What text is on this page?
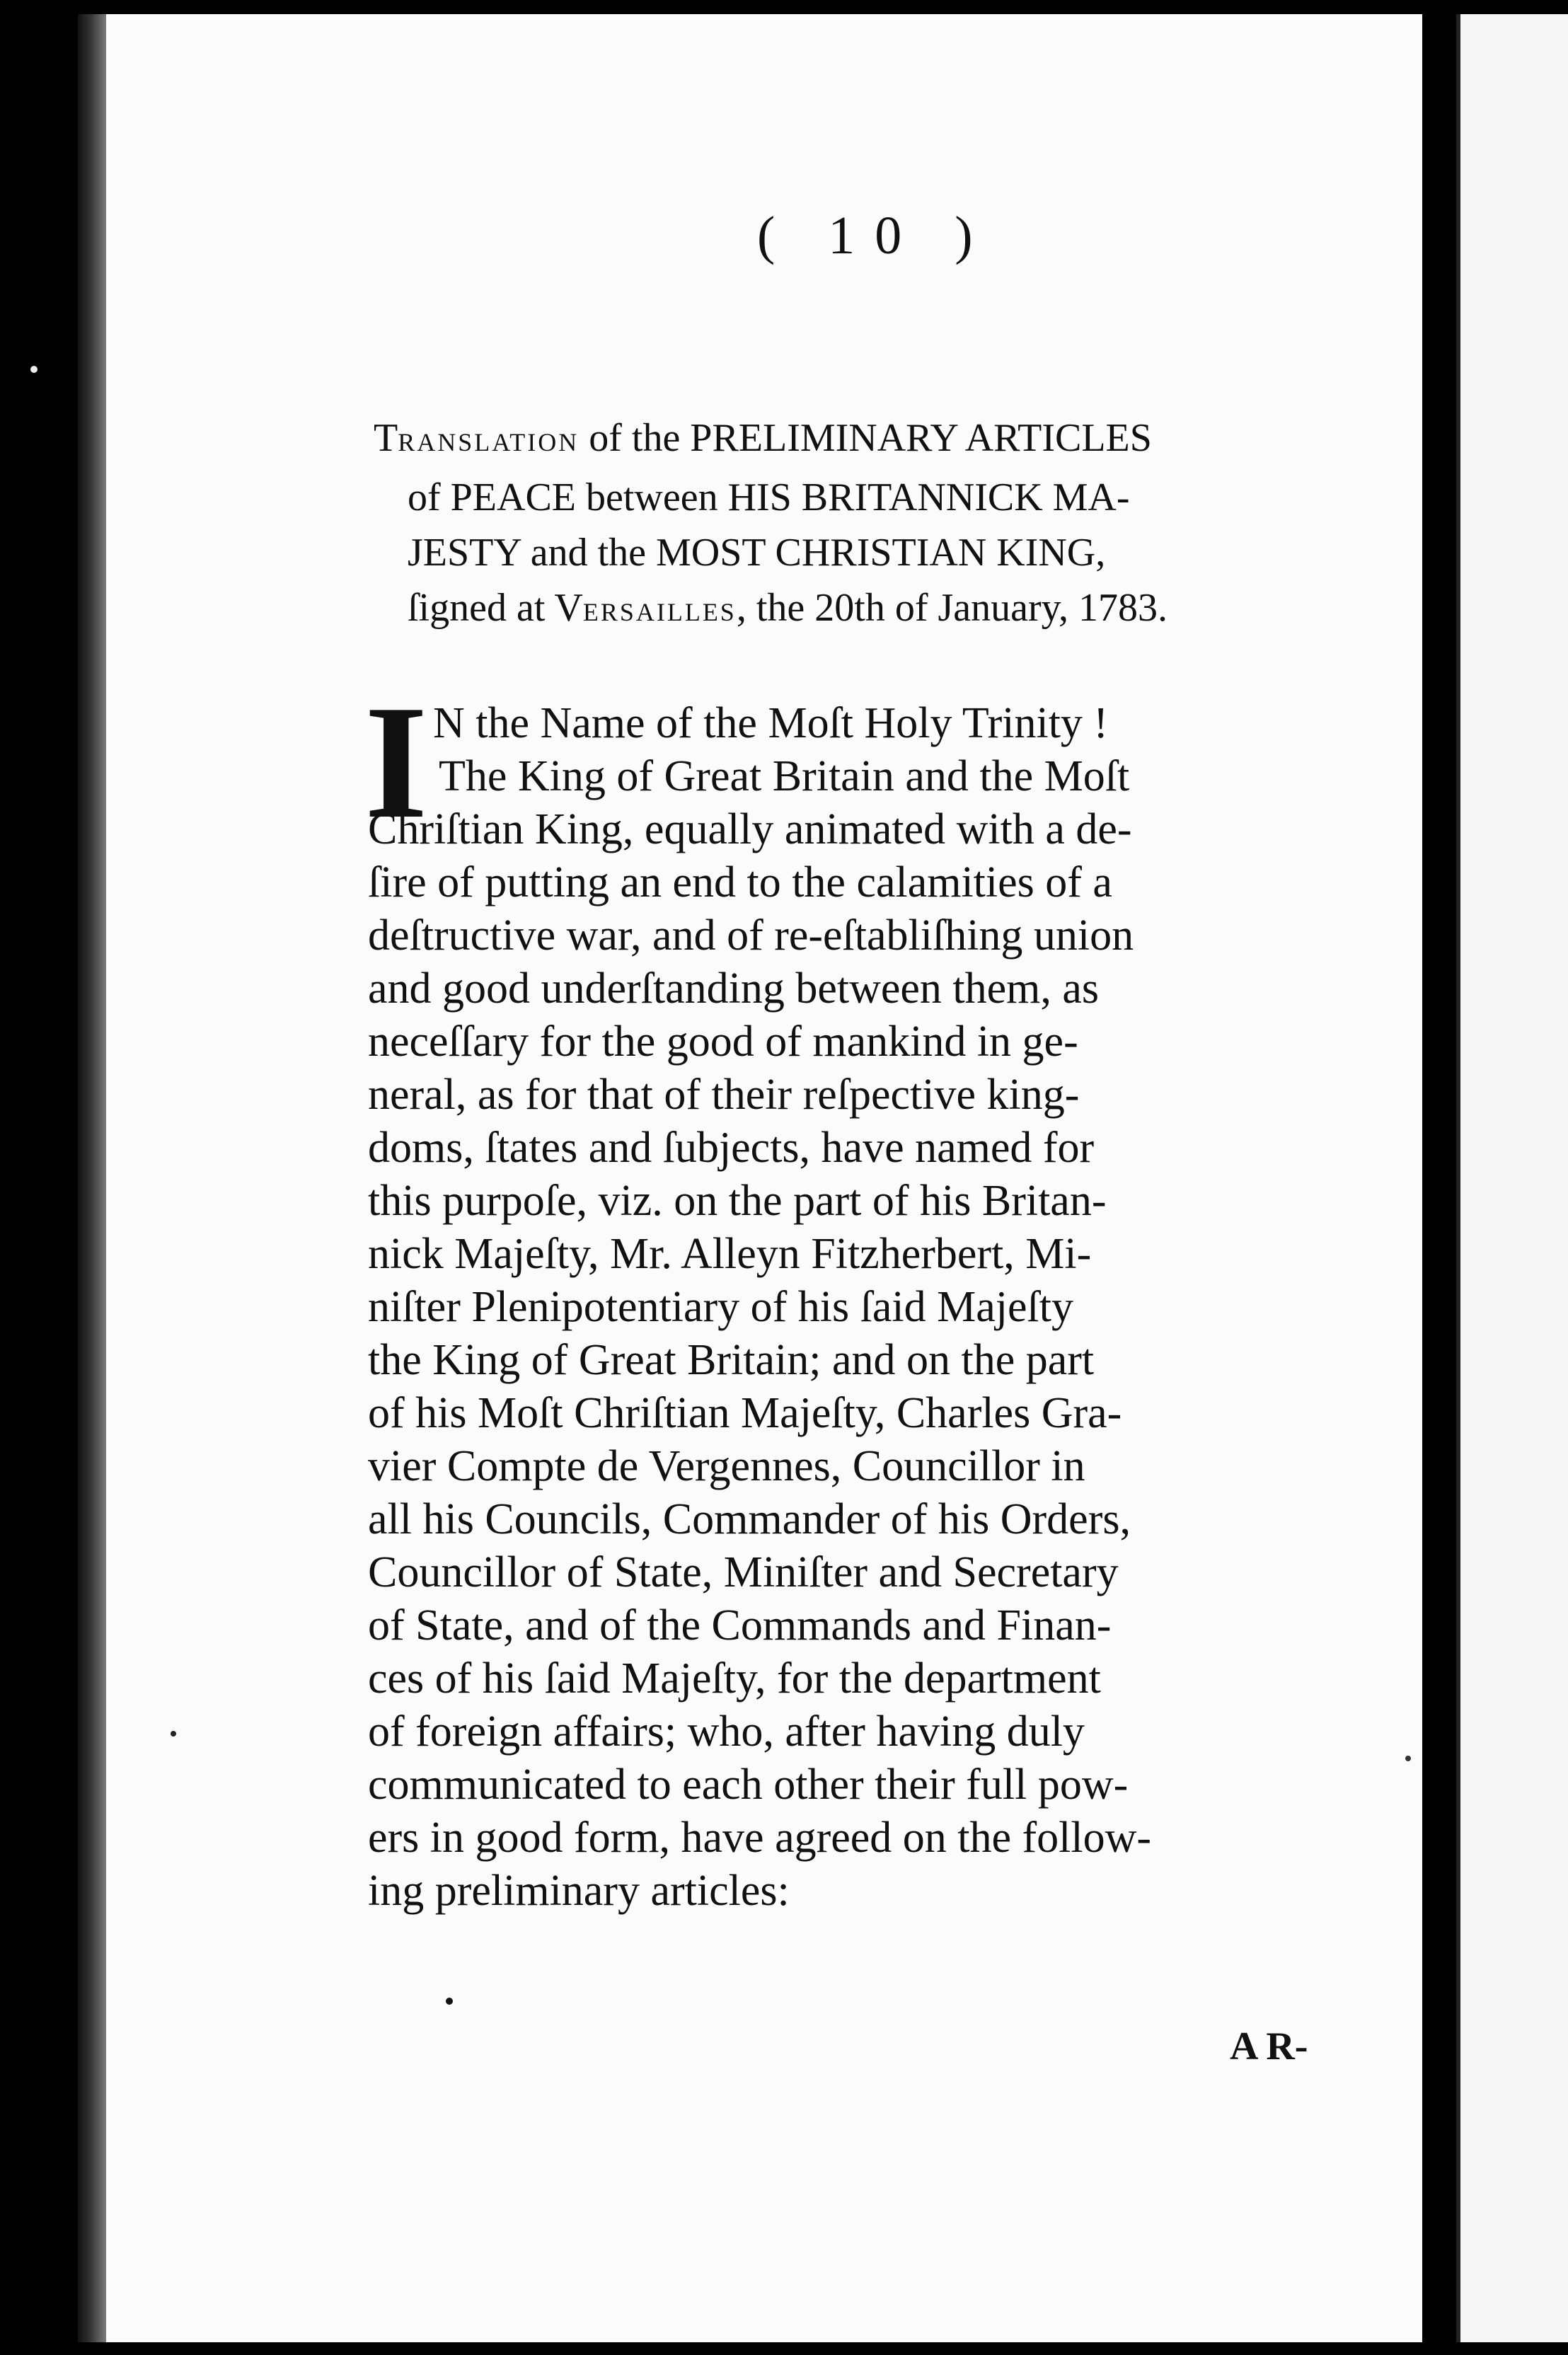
( 10 )
TRANSLATION of the PRELIMINARY ARTICLES
of PEACE between HIS BRITANNICK MA-
JESTY and the MOST CHRISTIAN KING,
ſigned at VERSAILLES, the 20th of January, 1783.
I N the Name of the Moſt Holy Trinity !
The King of Great Britain and the Moſt
Chriſtian King, equally animated with a de-
ſire of putting an end to the calamities of a
deſtructive war, and of re-eſtabliſhing union
and good underſtanding between them, as
neceſſary for the good of mankind in ge-
neral, as for that of their reſpective king-
doms, ſtates and ſubjects, have named for
this purpoſe, viz. on the part of his Britan-
nick Majeſty, Mr. Alleyn Fitzherbert, Mi-
niſter Plenipotentiary of his ſaid Majeſty
the King of Great Britain; and on the part
of his Moſt Chriſtian Majeſty, Charles Gra-
vier Compte de Vergennes, Councillor in
all his Councils, Commander of his Orders,
Councillor of State, Miniſter and Secretary
of State, and of the Commands and Finan-
ces of his ſaid Majeſty, for the department
of foreign affairs; who, after having duly
communicated to each other their full pow-
ers in good form, have agreed on the follow-
ing preliminary articles:
A R-
